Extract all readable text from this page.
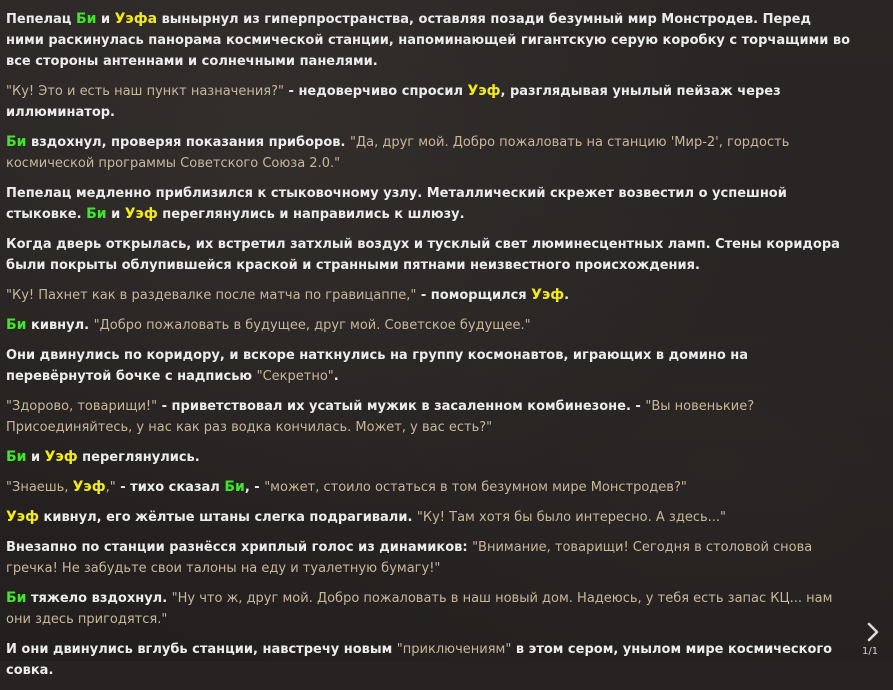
Пепелац Би и Уэфа вынырнул из гиперпространства, оставляя позади безумный мир Монстродев. Перед ними раскинулась панорама космической станции, напоминающей гигантскую серую коробку с торчащими во все стороны антеннами и солнечными панелями.

"Ку! Это и есть наш пункт назначения?" - недоверчиво спросил Уэф, разглядывая унылый пейзаж через иллюминатор.

Би вздохнул, проверяя показания приборов. "Да, друг мой. Добро пожаловать на станцию 'Мир-2', гордость космической программы Советского Союза 2.0."

Пепелац медленно приблизился к стыковочному узлу. Металлический скрежет возвестил о успешной стыковке. Би и Уэф переглянулись и направились к шлюзу.

Когда дверь открылась, их встретил затхлый воздух и тусклый свет люминесцентных ламп. Стены коридора были покрыты облупившейся краской и странными пятнами неизвестного происхождения.

"Ку! Пахнет как в раздевалке после матча по гравицаппе," - поморщился Уэф.

Би кивнул. "Добро пожаловать в будущее, друг мой. Советское будущее."

Они двинулись по коридору, и вскоре наткнулись на группу космонавтов, играющих в домино на перевёрнутой бочке с надписью "Секретно".

"Здорово, товарищи!" - приветствовал их усатый мужик в засаленном комбинезоне. - "Вы новенькие? Присоединяйтесь, у нас как раз водка кончилась. Может, у вас есть?"

Би и Уэф переглянулись.

"Знаешь, Уэф," - тихо сказал Би, - "может, стоило остаться в том безумном мире Монстродев?"

Уэф кивнул, его жёлтые штаны слегка подрагивали. "Ку! Там хотя бы было интересно. А здесь..."

Внезапно по станции разнёсся хриплый голос из динамиков: "Внимание, товарищи! Сегодня в столовой снова гречка! Не забудьте свои талоны на еду и туалетную бумагу!"

Би тяжело вздохнул. "Ну что ж, друг мой. Добро пожаловать в наш новый дом. Надеюсь, у тебя есть запас КЦ... нам они здесь пригодятся."

И они двинулись вглубь станции, навстречу новым "приключениям" в этом сером, унылом мире космического совка.

1/1
